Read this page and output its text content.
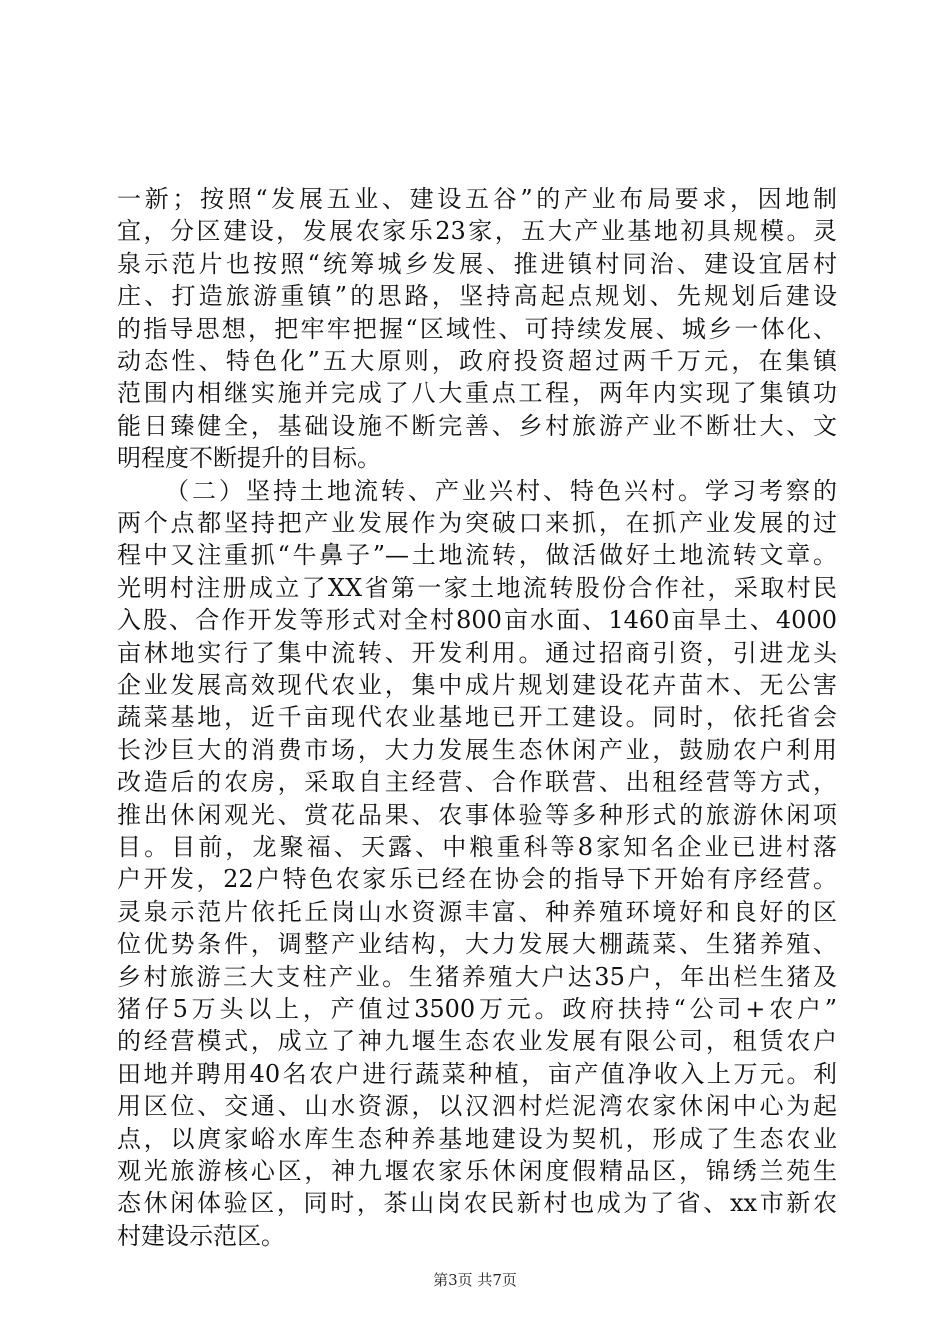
一新；按照“发展五业、建设五谷”的产业布局要求，因地制
宜，分区建设，发展农家乐23家，五大产业基地初具规模。灵
泉示范片也按照“统筹城乡发展、推进镇村同治、建设宜居村
庄、打造旅游重镇”的思路，坚持高起点规划、先规划后建设
的指导思想，把牢牢把握“区域性、可持续发展、城乡一体化、
动态性、特色化”五大原则，政府投资超过两千万元，在集镇
范围内相继实施并完成了八大重点工程，两年内实现了集镇功
能日臻健全，基础设施不断完善、乡村旅游产业不断壮大、文
明程度不断提升的目标。
（二）坚持土地流转、产业兴村、特色兴村。学习考察的
两个点都坚持把产业发展作为突破口来抓，在抓产业发展的过
程中又注重抓“牛鼻子”—土地流转，做活做好土地流转文章。
光明村注册成立了XX省第一家土地流转股份合作社，采取村民
入股、合作开发等形式对全村800亩水面、1460亩旱土、4000
亩林地实行了集中流转、开发利用。通过招商引资，引进龙头
企业发展高效现代农业，集中成片规划建设花卉苗木、无公害
蔬菜基地，近千亩现代农业基地已开工建设。同时，依托省会
长沙巨大的消费市场，大力发展生态休闲产业，鼓励农户利用
改造后的农房，采取自主经营、合作联营、出租经营等方式，
推出休闲观光、赏花品果、农事体验等多种形式的旅游休闲项
目。目前，龙聚福、天露、中粮重科等8家知名企业已进村落
户开发，22户特色农家乐已经在协会的指导下开始有序经营。
灵泉示范片依托丘岗山水资源丰富、种养殖环境好和良好的区
位优势条件，调整产业结构，大力发展大棚蔬菜、生猪养殖、
乡村旅游三大支柱产业。生猪养殖大户达35户，年出栏生猪及
猪仔5万头以上，产值过3500万元。政府扶持“公司+农户”
的经营模式，成立了神九堰生态农业发展有限公司，租赁农户
田地并聘用40名农户进行蔬菜种植，亩产值净收入上万元。利
用区位、交通、山水资源，以汉泗村烂泥湾农家休闲中心为起
点，以庹家峪水库生态种养基地建设为契机，形成了生态农业
观光旅游核心区，神九堰农家乐休闲度假精品区，锦绣兰苑生
态休闲体验区，同时，茶山岗农民新村也成为了省、xx市新农
村建设示范区。
第3页 共7页
